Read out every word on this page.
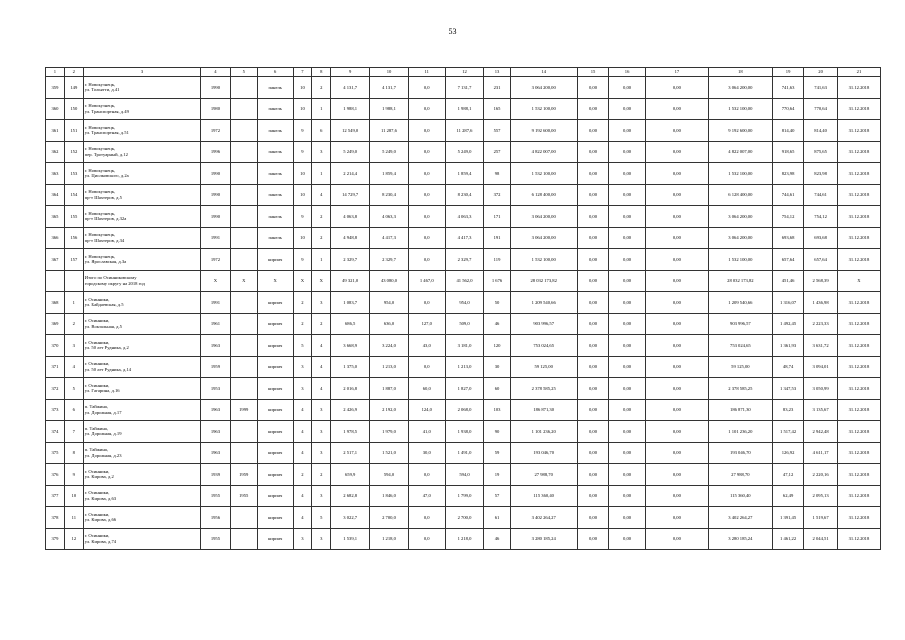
53
1	2	3	4	5	6	7	8	9	10	11	12	13	14	15	16	17	18	19	20	21
359	149	г. Новокузнецк,
ул. Тольятти, д.41	1990		панель	10	2	4 131,7	4 131,7	0,0	7 131,7	231	3 064 200,00	0,00	0,00	0,00	3 064 200,00	741,63	741,63	31.12.2018
360	150	г. Новокузнецк,
ул. Транспортная, д.49	1980		панель	10	1	1 988,1	1 988,1	0,0	1 988,1	165	1 532 100,00	0,00	0,00	0,00	1 532 100,00	770,64	770,64	31.12.2018
361	151	г. Новокузнецк,
ул. Транспортная, д.51	1972		панель	9	6	12 549,0	11 287,6	0,0	11 287,6	557	9 192 600,00	0,00	0,00	0,00	9 192 600,00	814,40	814,40	31.12.2018
362	152	г. Новокузнецк,
пер. Тротуарный, д.12	1996		панель	9	3	5 249,0	5 249,0	0,0	5 249,0	257	4 822 007,00	0,00	0,00	0,00	4 822 007,00	918,65	875,65	31.12.2018
363	153	г. Новокузнецк,
ул. Циолковского, д.2а	1990		панель	10	1	2 214,4	1 859,4	0,0	1 859,4	98	1 532 100,00	0,00	0,00	0,00	1 532 100,00	823,98	823,98	31.12.2018
364	154	г. Новокузнецк,
пр-т Шахтеров, д.5	1990		панель	10	4	14 729,7	8 230,4	0,0	8 230,4	372	6 128 400,00	0,00	0,00	0,00	6 128 400,00	744,61	744,61	31.12.2018
365	155	г. Новокузнецк,
пр-т Шахтеров, д.32а	1990		панель	9	2	4 063,8	4 063,3	0,0	4 063,3	171	3 064 200,00	0,00	0,00	0,00	3 064 200,00	754,12	754,12	31.12.2018
366	156	г. Новокузнецк,
пр-т Шахтеров, д.34	1991		панель	10	2	4 948,8	4 417,3	0,0	4 417,3	191	3 064 200,00	0,00	0,00	0,00	3 064 200,00	693,68	693,68	31.12.2018
367	157	г. Новокузнецк,
ул. Ярославская, д.3а	1972		кирпич	9	1	2 329,7	2 329,7	0,0	2 329,7	119	1 532 100,00	0,00	0,00	0,00	1 532 100,00	657,64	657,64	31.12.2018
		Итого по Осинниковскому
городскому округу на 2018 год	X	X	X	X	X	49 321,0	43 080,0	1 467,0	41 562,0	1 676	28 032 173,82	0,00	0,00	0,00	28 032 173,82	451,46	2 568,39	X
368	1	г. Осинники,
ул. Байдаевская, д.5	1991		кирпич	2	3	1 083,7	954,0	0,0	954,0	50	1 209 540,66	0,00	0,00	0,00	1 209 540,66	1 316,07	1 436,98	31.12.2018
369	2	г. Осинники,
ул. Вокзальная, д.5	1961		кирпич	2	2	686,5	636,0	127,0	509,0	46	903 996,57	0,00	0,00	0,00	903 996,57	1 492,45	2 223,33	31.12.2018
370	3	г. Осинники,
ул. 50 лет Рудника, д.2	1963		кирпич	5	4	3 668,9	3 224,0	43,0	3 181,0	120	753 024,65	0,00	0,00	0,00	753 024,65	1 361,93	3 631,72	31.12.2018
371	4	г. Осинники,
ул. 50 лет Рудника, д.14	1959		кирпич	3	4	1 375,0	1 213,0	0,0	1 213,0	30	59 125,00	0,00	0,00	0,00	59 125,00	48,74	3 094,01	31.12.2018
372	5	г. Осинники,
ул. Гагарина, д.16	1953		кирпич	3	4	2 016,8	1 887,0	60,0	1 827,0	60	2 378 585,25	0,00	0,00	0,00	2 378 585,25	1 347,53	3 050,99	31.12.2018
373	6	п. Тайжина,
ул. Дорожная, д.17	1963	1999	кирпич	4	3	2 426,9	2 192,0	124,0	2 068,0	103	186 871,30	0,00	0,00	0,00	186 871,30	83,23	3 135,67	31.12.2018
374	7	п. Тайжина,
ул. Дорожная, д.19	1963		кирпич	4	3	1 978,5	1 979,0	41,0	1 938,0	90	1 101 236,20	0,00	0,00	0,00	1 101 236,20	1 517,42	2 942,48	31.12.2018
375	8	п. Тайжина,
ул. Дорожная, д.23	1963		кирпич	4	3	2 517,1	1 521,0	30,0	1 491,0	59	193 046,70	0,00	0,00	0,00	193 046,70	126,92	4 611,17	31.12.2018
376	9	г. Осинники,
ул. Кирова, д.2	1939	1959	кирпич	2	2	659,9	594,0	0,0	594,0	19	27 988,70	0,00	0,00	0,00	27 988,70	47,12	2 220,16	31.12.2018
377	10	г. Осинники,
ул. Кирова, д.63	1955	1955	кирпич	4	3	2 682,8	1 846,0	47,0	1 799,0	57	115 360,40	0,00	0,00	0,00	115 360,40	62,49	2 095,13	31.12.2018
378	11	г. Осинники,
ул. Кирова, д.66	1956		кирпич	4	5	3 022,7	2 700,0	0,0	2 700,0	61	3 402 264,27	0,00	0,00	0,00	3 402 264,27	1 391,45	1 519,67	31.12.2018
379	12	г. Осинники,
ул. Кирова, д.74	1955		кирпич	3	3	1 539,1	1 218,0	0,0	1 218,0	46	3 280 185,24	0,00	0,00	0,00	3 280 185,24	1 461,22	2 044,51	31.12.2018
